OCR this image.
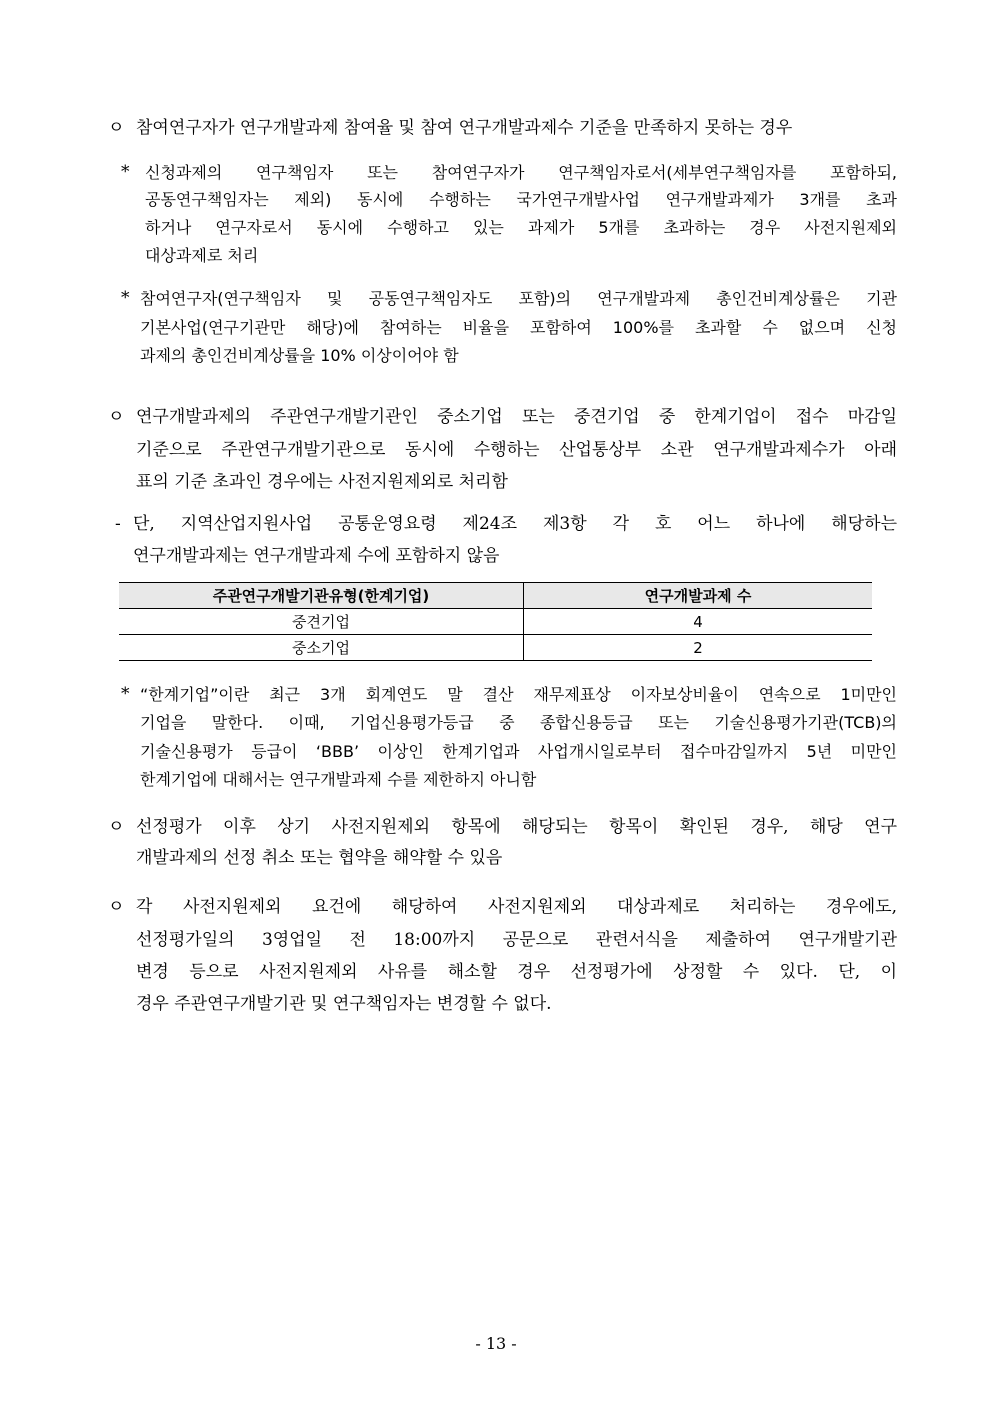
ㅇ 참여연구자가 연구개발과제 참여율 및 참여 연구개발과제수 기준을 만족하지 못하는 경우
* 신청과제의 연구책임자 또는 참여연구자가 연구책임자로서(세부연구책임자를 포함하되,
공동연구책임자는 제외) 동시에 수행하는 국가연구개발사업 연구개발과제가 3개를 초과
하거나 연구자로서 동시에 수행하고 있는 과제가 5개를 초과하는 경우 사전지원제외
대상과제로 처리
* 참여연구자(연구책임자 및 공동연구책임자도 포함)의 연구개발과제 총인건비계상률은 기관
기본사업(연구기관만 해당)에 참여하는 비율을 포함하여 100%를 초과할 수 없으며 신청
과제의 총인건비계상률을 10% 이상이어야 함
ㅇ 연구개발과제의 주관연구개발기관인 중소기업 또는 중견기업 중 한계기업이 접수 마감일
기준으로 주관연구개발기관으로 동시에 수행하는 산업통상부 소관 연구개발과제수가 아래
표의 기준 초과인 경우에는 사전지원제외로 처리함
- 단, 지역산업지원사업 공통운영요령 제24조 제3항 각 호 어느 하나에 해당하는
연구개발과제는 연구개발과제 수에 포함하지 않음
주관연구개발기관유형(한계기업)	연구개발과제 수
중견기업	4
중소기업	2
* “한계기업”이란 최근 3개 회계연도 말 결산 재무제표상 이자보상비율이 연속으로 1미만인
기업을 말한다. 이때, 기업신용평가등급 중 종합신용등급 또는 기술신용평가기관(TCB)의
기술신용평가 등급이 ‘BBB’ 이상인 한계기업과 사업개시일로부터 접수마감일까지 5년 미만인
한계기업에 대해서는 연구개발과제 수를 제한하지 아니함
ㅇ 선정평가 이후 상기 사전지원제외 항목에 해당되는 항목이 확인된 경우, 해당 연구
개발과제의 선정 취소 또는 협약을 해약할 수 있음
ㅇ 각 사전지원제외 요건에 해당하여 사전지원제외 대상과제로 처리하는 경우에도,
선정평가일의 3영업일 전 18:00까지 공문으로 관련서식을 제출하여 연구개발기관
변경 등으로 사전지원제외 사유를 해소할 경우 선정평가에 상정할 수 있다. 단, 이
경우 주관연구개발기관 및 연구책임자는 변경할 수 없다.
- 13 -
